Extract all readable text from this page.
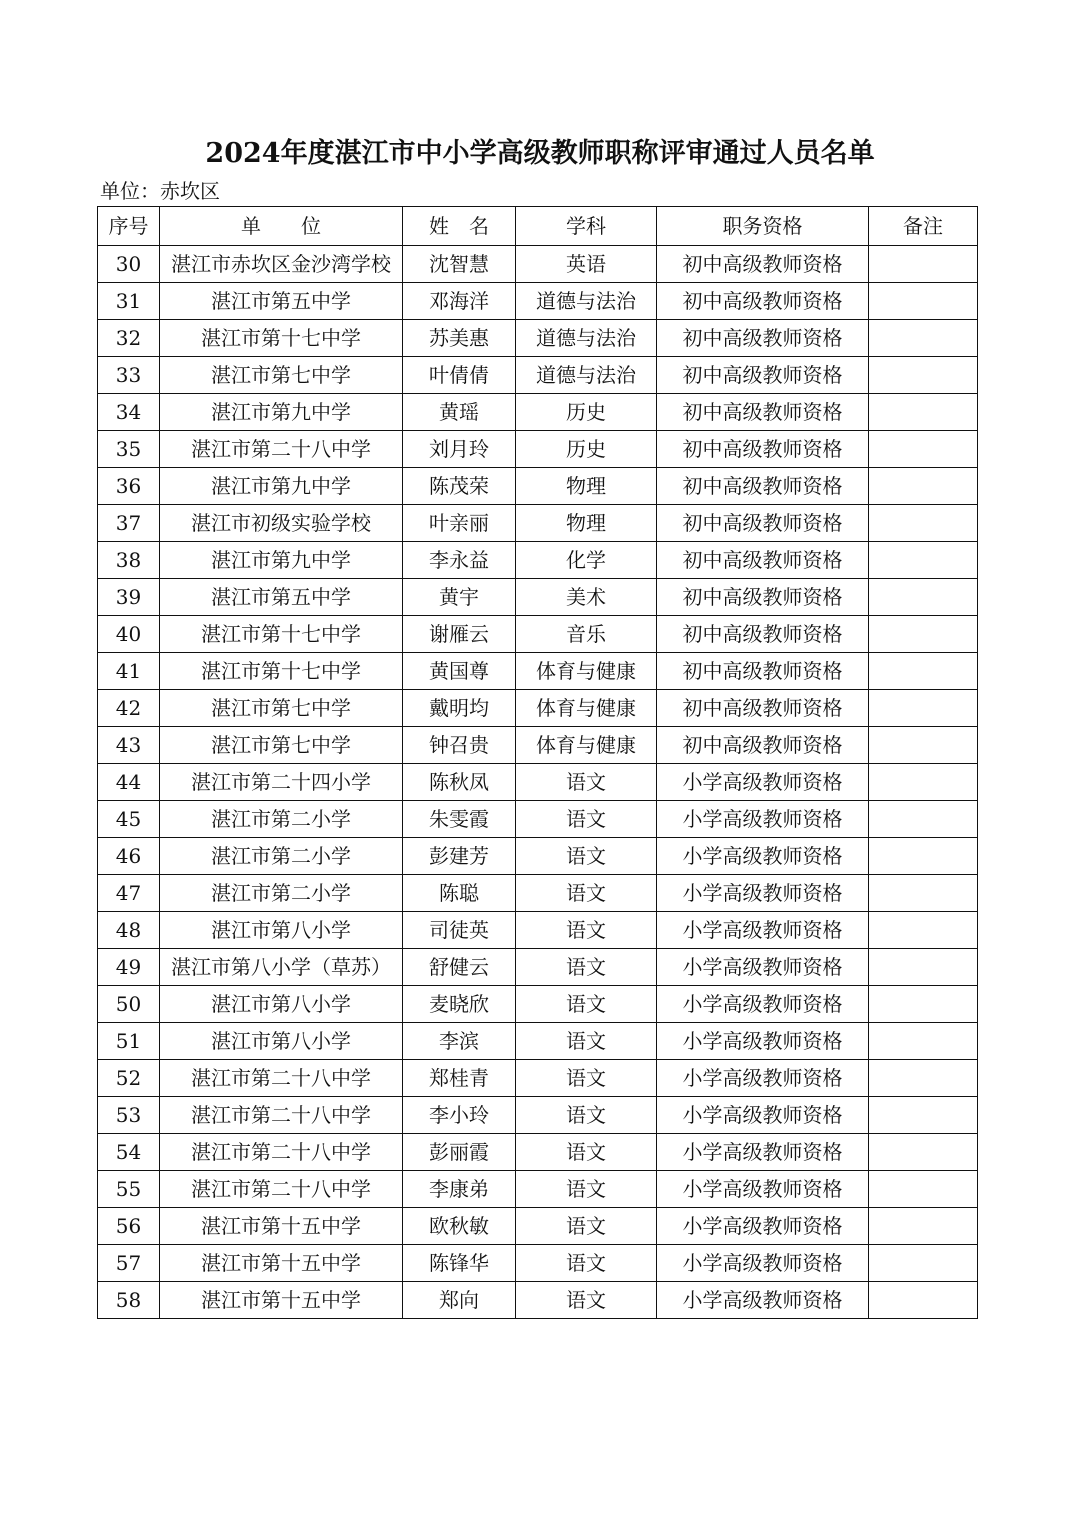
2024年度湛江市中小学高级教师职称评审通过人员名单
单位：赤坎区
序号	单　　位	姓　名	学科	职务资格	备注
30	湛江市赤坎区金沙湾学校	沈智慧	英语	初中高级教师资格	
31	湛江市第五中学	邓海洋	道德与法治	初中高级教师资格	
32	湛江市第十七中学	苏美惠	道德与法治	初中高级教师资格	
33	湛江市第七中学	叶倩倩	道德与法治	初中高级教师资格	
34	湛江市第九中学	黄瑶	历史	初中高级教师资格	
35	湛江市第二十八中学	刘月玲	历史	初中高级教师资格	
36	湛江市第九中学	陈茂荣	物理	初中高级教师资格	
37	湛江市初级实验学校	叶亲丽	物理	初中高级教师资格	
38	湛江市第九中学	李永益	化学	初中高级教师资格	
39	湛江市第五中学	黄宇	美术	初中高级教师资格	
40	湛江市第十七中学	谢雁云	音乐	初中高级教师资格	
41	湛江市第十七中学	黄国尊	体育与健康	初中高级教师资格	
42	湛江市第七中学	戴明均	体育与健康	初中高级教师资格	
43	湛江市第七中学	钟召贵	体育与健康	初中高级教师资格	
44	湛江市第二十四小学	陈秋凤	语文	小学高级教师资格	
45	湛江市第二小学	朱雯霞	语文	小学高级教师资格	
46	湛江市第二小学	彭建芳	语文	小学高级教师资格	
47	湛江市第二小学	陈聪	语文	小学高级教师资格	
48	湛江市第八小学	司徒英	语文	小学高级教师资格	
49	湛江市第八小学（草苏）	舒健云	语文	小学高级教师资格	
50	湛江市第八小学	麦晓欣	语文	小学高级教师资格	
51	湛江市第八小学	李滨	语文	小学高级教师资格	
52	湛江市第二十八中学	郑桂青	语文	小学高级教师资格	
53	湛江市第二十八中学	李小玲	语文	小学高级教师资格	
54	湛江市第二十八中学	彭丽霞	语文	小学高级教师资格	
55	湛江市第二十八中学	李康弟	语文	小学高级教师资格	
56	湛江市第十五中学	欧秋敏	语文	小学高级教师资格	
57	湛江市第十五中学	陈锋华	语文	小学高级教师资格	
58	湛江市第十五中学	郑向	语文	小学高级教师资格	
